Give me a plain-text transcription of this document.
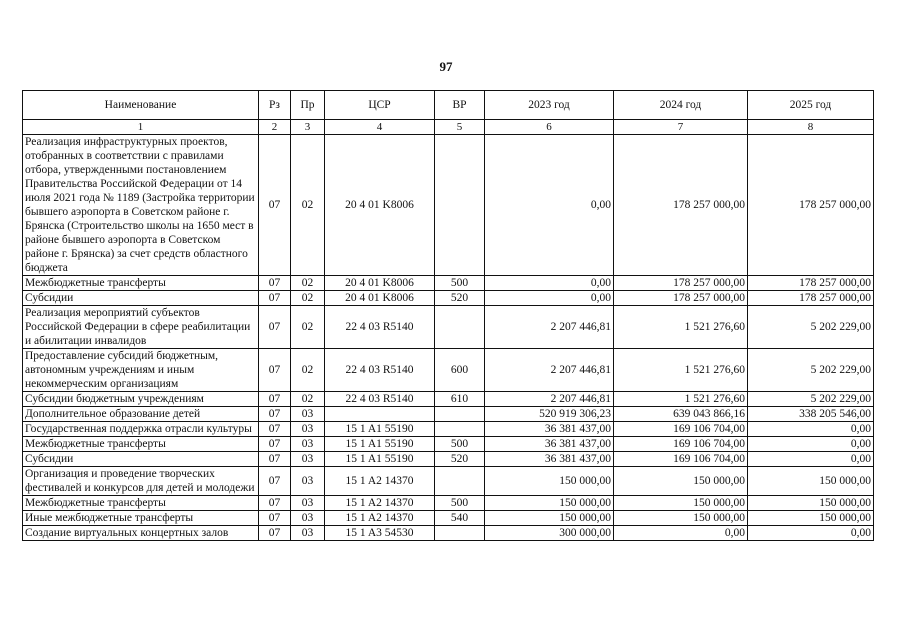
97
Наименование	Рз	Пр	ЦСР	ВР	2023 год	2024 год	2025 год
1	2	3	4	5	6	7	8
Реализация инфраструктурных проектов, отобранных в соответствии с правилами отбора, утвержденными постановлением Правительства Российской Федерации от 14 июля 2021 года № 1189 (Застройка территории бывшего аэропорта в Советском районе г. Брянска (Строительство школы на 1650 мест в районе бывшего аэропорта в Советском районе г. Брянска) за счет средств областного бюджета	07	02	20 4 01 K8006		0,00	178 257 000,00	178 257 000,00
Межбюджетные трансферты	07	02	20 4 01 K8006	500	0,00	178 257 000,00	178 257 000,00
Субсидии	07	02	20 4 01 K8006	520	0,00	178 257 000,00	178 257 000,00
Реализация мероприятий субъектов Российской Федерации в сфере реабилитации и абилитации инвалидов	07	02	22 4 03 R5140		2 207 446,81	1 521 276,60	5 202 229,00
Предоставление субсидий бюджетным, автономным учреждениям и иным некоммерческим организациям	07	02	22 4 03 R5140	600	2 207 446,81	1 521 276,60	5 202 229,00
Субсидии бюджетным учреждениям	07	02	22 4 03 R5140	610	2 207 446,81	1 521 276,60	5 202 229,00
Дополнительное образование детей	07	03			520 919 306,23	639 043 866,16	338 205 546,00
Государственная поддержка отрасли культуры	07	03	15 1 A1 55190		36 381 437,00	169 106 704,00	0,00
Межбюджетные трансферты	07	03	15 1 A1 55190	500	36 381 437,00	169 106 704,00	0,00
Субсидии	07	03	15 1 A1 55190	520	36 381 437,00	169 106 704,00	0,00
Организация и проведение творческих фестивалей и конкурсов для детей и молодежи	07	03	15 1 A2 14370		150 000,00	150 000,00	150 000,00
Межбюджетные трансферты	07	03	15 1 A2 14370	500	150 000,00	150 000,00	150 000,00
Иные межбюджетные трансферты	07	03	15 1 A2 14370	540	150 000,00	150 000,00	150 000,00
Создание виртуальных концертных залов	07	03	15 1 A3 54530		300 000,00	0,00	0,00
